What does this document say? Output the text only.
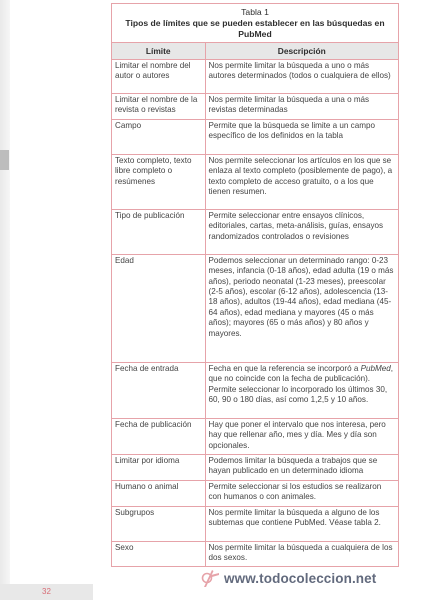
Tabla 1
Tipos de límites que se pueden establecer en las búsquedas en PubMed
Límite	Descripción
Limitar el nombre del autor o autores	Nos permite limitar la búsqueda a uno o más autores determinados (todos o cualquiera de ellos)
Limitar el nombre de la revista o revistas	Nos permite limitar la búsqueda a una o más revistas determinadas
Campo	Permite que la búsqueda se limite a un campo específico de los definidos en la tabla
Texto completo, texto libre completo o resúmenes	Nos permite seleccionar los artículos en los que se enlaza al texto completo (posiblemente de pago), a texto completo de acceso gratuito, o a los que tienen resumen.
Tipo de publicación	Permite seleccionar entre ensayos clínicos, editoriales, cartas, meta-análisis, guías, ensayos randomizados controlados o revisiones
Edad	Podemos seleccionar un determinado rango: 0-23 meses, infancia (0-18 años), edad adulta (19 o más años), periodo neonatal (1-23 meses), preescolar (2-5 años), escolar (6-12 años), adolescencia (13-18 años), adultos (19-44 años), edad mediana (45-64 años), edad mediana y mayores (45 o más años); mayores (65 o más años) y 80 años y mayores.
Fecha de entrada	Fecha en que la referencia se incorporó a PubMed, que no coincide con la fecha de publicación). Permite seleccionar lo incorporado los últimos 30, 60, 90 o 180 días, así como 1,2,5 y 10 años.
Fecha de publicación	Hay que poner el intervalo que nos interesa, pero hay que rellenar año, mes y día. Mes y día son opcionales.
Limitar por idioma	Podemos limitar la búsqueda a trabajos que se hayan publicado en un determinado idioma
Humano o animal	Permite seleccionar si los estudios se realizaron con humanos o con animales.
Subgrupos	Nos permite limitar la búsqueda a alguno de los subtemas que contiene PubMed. Véase tabla 2.
Sexo	Nos permite limitar la búsqueda a cualquiera de los dos sexos.
32
www.todocoleccion.net
